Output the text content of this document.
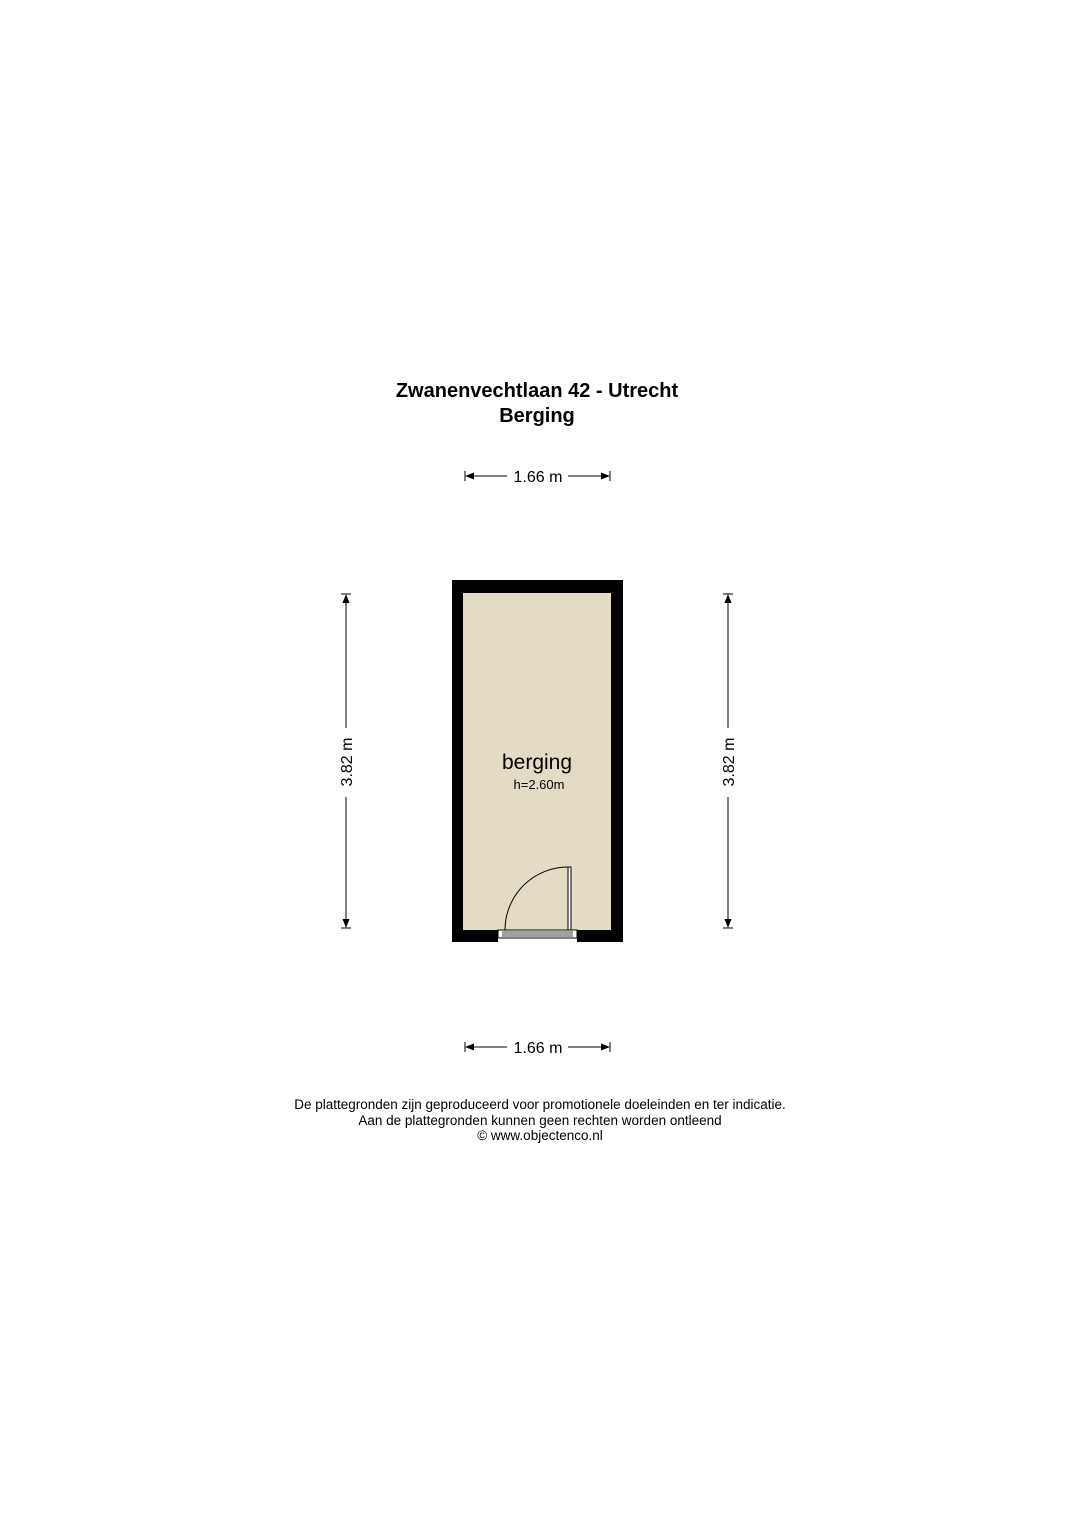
Zwanenvechtlaan 42 - Utrecht
Berging
1.66 m
3.82 m	3.82 m
berging
h=2.60m
1.66 m
De plattegronden zijn geproduceerd voor promotionele doeleinden en ter indicatie.
Aan de plattegronden kunnen geen rechten worden ontleend
© www.objectenco.nl
